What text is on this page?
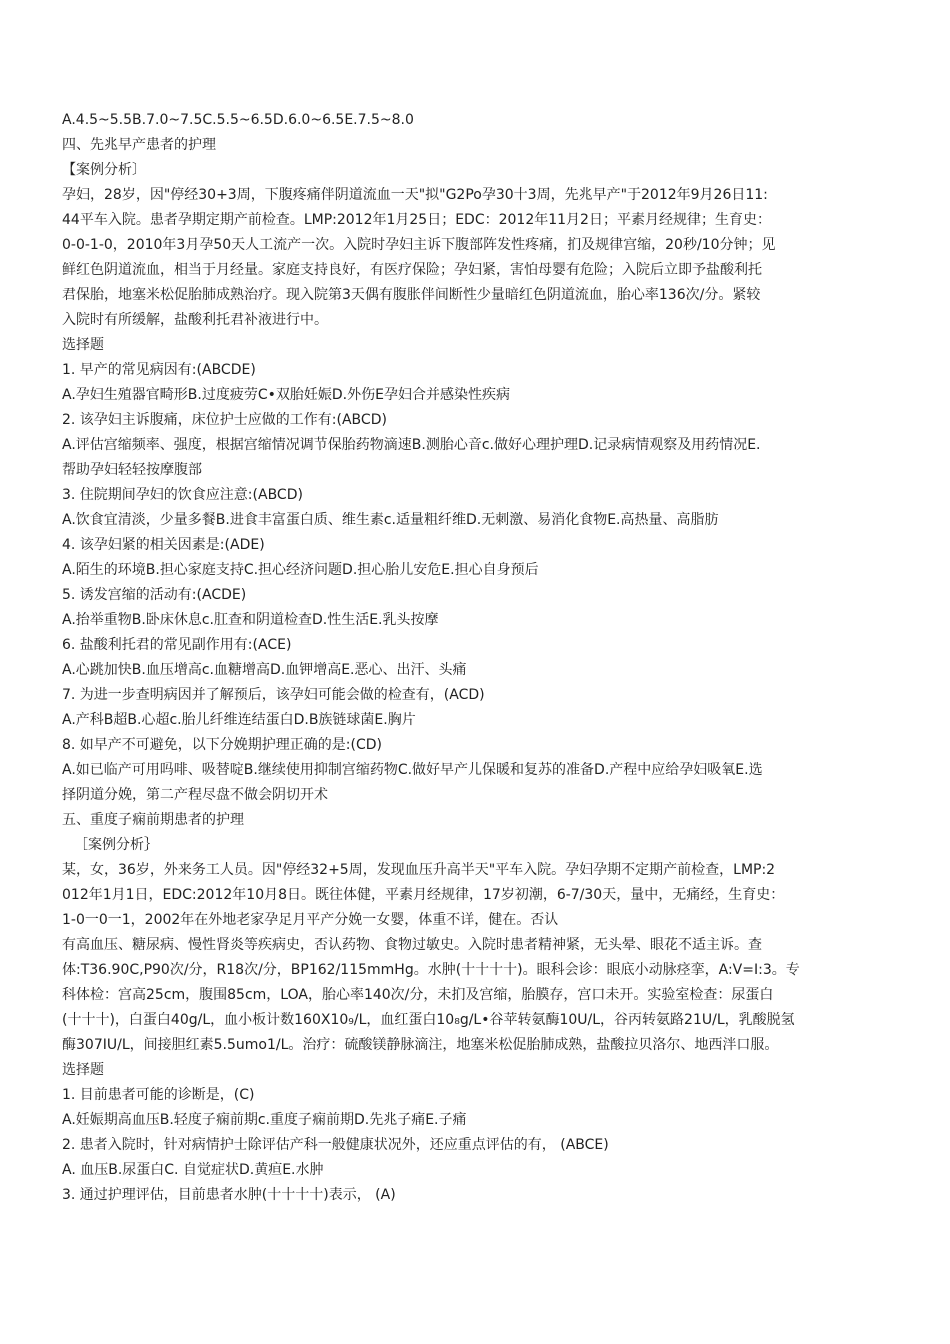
A.4.5~5.5B.7.0~7.5C.5.5~6.5D.6.0~6.5E.7.5~8.0
四、先兆早产患者的护理
【案例分析〕
孕妇，28岁，因"停经30+3周，下腹疼痛伴阴道流血一天"拟"G2Po孕30十3周，先兆早产"于2012年9月26日11:
44平车入院。患者孕期定期产前检查。LMP:2012年1月25日；EDC：2012年11月2日；平素月经规律；生育史：
0-0-1-0，2010年3月孕50天人工流产一次。入院时孕妇主诉下腹部阵发性疼痛，扪及规律宫缩，20秒/10分钟；见
鲜红色阴道流血，相当于月经量。家庭支持良好，有医疗保险；孕妇紧，害怕母婴有危险；入院后立即予盐酸利托
君保胎，地塞米松促胎肺成熟治疗。现入院第3天偶有腹胀伴间断性少量暗红色阴道流血，胎心率136次/分。紧较
入院时有所缓解，盐酸利托君补液进行中。
选择题
1. 早产的常见病因有:(ABCDE)
A.孕妇生殖器官畸形B.过度疲劳C•双胎妊娠D.外伤E孕妇合并感染性疾病
2. 该孕妇主诉腹痛，床位护士应做的工作有:(ABCD)
A.评估宫缩频率、强度，根据宫缩情况调节保胎药物滴速B.测胎心音c.做好心理护理D.记录病情观察及用药情况E.
帮助孕妇轻轻按摩腹部
3. 住院期间孕妇的饮食应注意:(ABCD)
A.饮食宜清淡，少量多餐B.进食丰富蛋白质、维生素c.适量粗纤维D.无刺激、易消化食物E.高热量、高脂肪
4. 该孕妇紧的相关因素是:(ADE)
A.陌生的环境B.担心家庭支持C.担心经济问题D.担心胎儿安危E.担心自身预后
5. 诱发宫缩的活动有:(ACDE)
A.抬举重物B.卧床休息c.肛查和阴道检查D.性生活E.乳头按摩
6. 盐酸利托君的常见副作用有:(ACE)
A.心跳加快B.血压增高c.血糖增高D.血钾增高E.恶心、出汗、头痛
7. 为进一步查明病因并了解预后，该孕妇可能会做的检查有，(ACD)
A.产科B超B.心超c.胎儿纤维连结蛋白D.B族链球菌E.胸片
8. 如早产不可避免，以下分娩期护理正确的是:(CD)
A.如已临产可用吗啡、吸替啶B.继续使用抑制宫缩药物C.做好早产儿保暖和复苏的准备D.产程中应给孕妇吸氧E.选
择阴道分娩，第二产程尽盘不做会阴切开术
五、重度子痫前期患者的护理
［案例分析｝
某，女，36岁，外来务工人员。因"停经32+5周，发现血压升高半天"平车入院。孕妇孕期不定期产前检查，LMP:2
012年1月1日，EDC:2012年10月8日。既往体健，平素月经规律，17岁初潮，6-7/30天，量中，无痛经，生育史：
1-0一0一1，2002年在外地老家孕足月平产分娩一女婴，体重不详，健在。否认
有高血压、糖尿病、慢性肾炎等疾病史，否认药物、食物过敏史。入院时患者精神紧，无头晕、眼花不适主诉。查
体:T36.90C,P90次/分，R18次/分，BP162/115mmHg。水肿(十十十十)。眼科会诊：眼底小动脉痉挛，A:V=I:3。专
科体检：宫高25cm，腹围85cm，LOA，胎心率140次/分，未扪及宫缩，胎膜存，宫口未开。实验室检查：尿蛋白
(十十十)，白蛋白40g/L，血小板计数160X10₉/L，血红蛋白10₈g/L•谷苹转氨酶10U/L，谷丙转氨路21U/L，乳酸脱氢
酶307IU/L，间接胆红素5.5umo1/L。治疗：硫酸镁静脉滴注，地塞米松促胎肺成熟，盐酸拉贝洛尔、地西泮口服。
选择题
1. 目前患者可能的诊断是，(C)
A.妊娠期高血压B.轻度子痫前期c.重度子痫前期D.先兆子痛E.子痛
2. 患者入院时，针对病情护士除评估产科一般健康状况外，还应重点评估的有， (ABCE)
A. 血压B.尿蛋白C. 自觉症状D.黄疸E.水肿
3. 通过护理评估，目前患者水肿(十十十十)表示， (A)
